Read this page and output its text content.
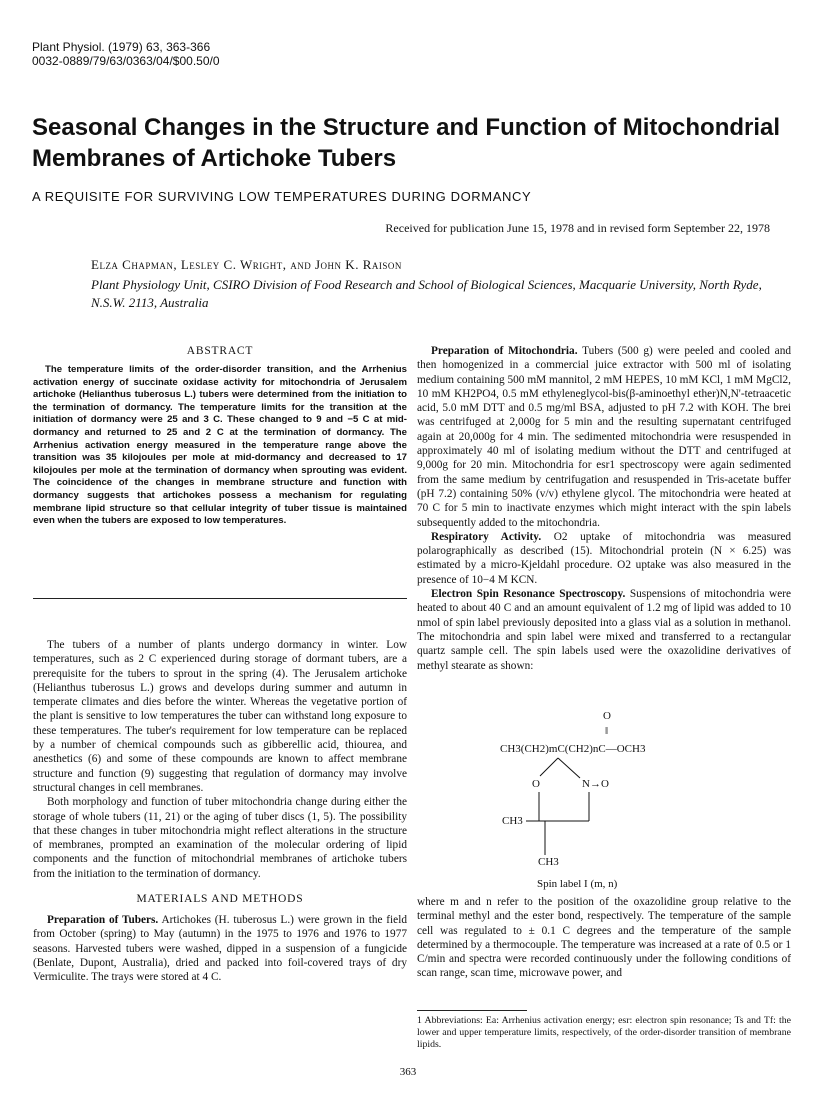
Plant Physiol. (1979) 63, 363-366
0032-0889/79/63/0363/04/$00.50/0
Seasonal Changes in the Structure and Function of Mitochondrial Membranes of Artichoke Tubers
A REQUISITE FOR SURVIVING LOW TEMPERATURES DURING DORMANCY
Received for publication June 15, 1978 and in revised form September 22, 1978
Elza Chapman, Lesley C. Wright, and John K. Raison
Plant Physiology Unit, CSIRO Division of Food Research and School of Biological Sciences, Macquarie University, North Ryde, N.S.W. 2113, Australia
ABSTRACT

The temperature limits of the order-disorder transition, and the Arrhenius activation energy of succinate oxidase activity for mitochondria of Jerusalem artichoke (Helianthus tuberosus L.) tubers were determined from the initiation to the termination of dormancy. The temperature limits for the transition at the initiation of dormancy were 25 and 3 C. These changed to 9 and −5 C at mid-dormancy and returned to 25 and 2 C at the termination of dormancy. The Arrhenius activation energy measured in the temperature range above the transition was 35 kilojoules per mole at mid-dormancy and decreased to 17 kilojoules per mole at the termination of dormancy when sprouting was evident. The coincidence of the changes in membrane structure and function with dormancy suggests that artichokes possess a mechanism for regulating membrane lipid structure so that cellular integrity of tuber tissue is maintained even when the tubers are exposed to low temperatures.

The tubers of a number of plants undergo dormancy in winter. Low temperatures, such as 2 C experienced during storage of dormant tubers, are a prerequisite for the tubers to sprout in the spring (4). The Jerusalem artichoke (Helianthus tuberosus L.) grows and develops during summer and autumn in temperate climates and dies before the winter. Whereas the vegetative portion of the plant is sensitive to low temperatures the tuber can withstand long exposure to these temperatures. The tuber's requirement for low temperature can be replaced by a number of chemical compounds such as gibberellic acid, thiourea, and anesthetics (6) and some of these compounds are known to affect membrane structure and function (9) suggesting that regulation of dormancy may involve structural changes in cell membranes.

Both morphology and function of tuber mitochondria change during either the storage of whole tubers (11, 21) or the aging of tuber discs (1, 5). The possibility that these changes in tuber mitochondria might reflect alterations in the structure of membranes, prompted an examination of the molecular ordering of lipid components and the function of mitochondrial membranes of artichoke tubers from the initiation to the termination of dormancy.

MATERIALS AND METHODS

Preparation of Tubers. Artichokes (H. tuberosus L.) were grown in the field from October (spring) to May (autumn) in the 1975 to 1976 and 1976 to 1977 seasons. Harvested tubers were washed, dipped in a suspension of a fungicide (Benlate, Dupont, Australia), dried and packed into foil-covered trays of dry Vermiculite. The trays were stored at 4 C.

Preparation of Mitochondria. Tubers (500 g) were peeled and cooled and then homogenized in a commercial juice extractor with 500 ml of isolating medium containing 500 mM mannitol, 2 mM HEPES, 10 mM KCl, 1 mM MgCl2, 10 mM KH2PO4, 0.5 mM ethyleneglycol-bis(β-aminoethyl ether)N,N'-tetraacetic acid, 5.0 mM DTT and 0.5 mg/ml BSA, adjusted to pH 7.2 with KOH. The brei was centrifuged at 2,000g for 5 min and the resulting supernatant centrifuged again at 20,000g for 4 min. The sedimented mitochondria were resuspended in approximately 40 ml of isolating medium without the DTT and centrifuged at 9,000g for 20 min. Mitochondria for esr1 spectroscopy were again sedimented from the same medium by centrifugation and resuspended in Tris-acetate buffer (pH 7.2) containing 50% (v/v) ethylene glycol. The mitochondria were heated at 70 C for 5 min to inactivate enzymes which might interact with the spin labels subsequently added to the mitochondria.

Respiratory Activity. O2 uptake of mitochondria was measured polarographically as described (15). Mitochondrial protein (N × 6.25) was estimated by a micro-Kjeldahl procedure. O2 uptake was also measured in the presence of 10−4 M KCN.

Electron Spin Resonance Spectroscopy. Suspensions of mitochondria were heated to about 40 C and an amount equivalent of 1.2 mg of lipid was added to 10 nmol of spin label previously deposited into a glass vial as a solution in methanol. The mitochondria and spin label were mixed and transferred to a rectangular quartz sample cell. The spin labels used were the oxazolidine derivatives of methyl stearate as shown:

O
‖
CH3(CH2)mC(CH2)nC—OCH3
O	N→O
CH3
CH3
Spin label I (m, n)

where m and n refer to the position of the oxazolidine group relative to the terminal methyl and the ester bond, respectively. The temperature of the sample cell was regulated to ± 0.1 C degrees and the temperature of the sample determined by a thermocouple. The temperature was increased at a rate of 0.5 or 1 C/min and spectra were recorded continuously under the following conditions of scan range, scan time, microwave power, and

1 Abbreviations: Ea: Arrhenius activation energy; esr: electron spin resonance; Ts and Tf: the lower and upper temperature limits, respectively, of the order-disorder transition of membrane lipids.

363
